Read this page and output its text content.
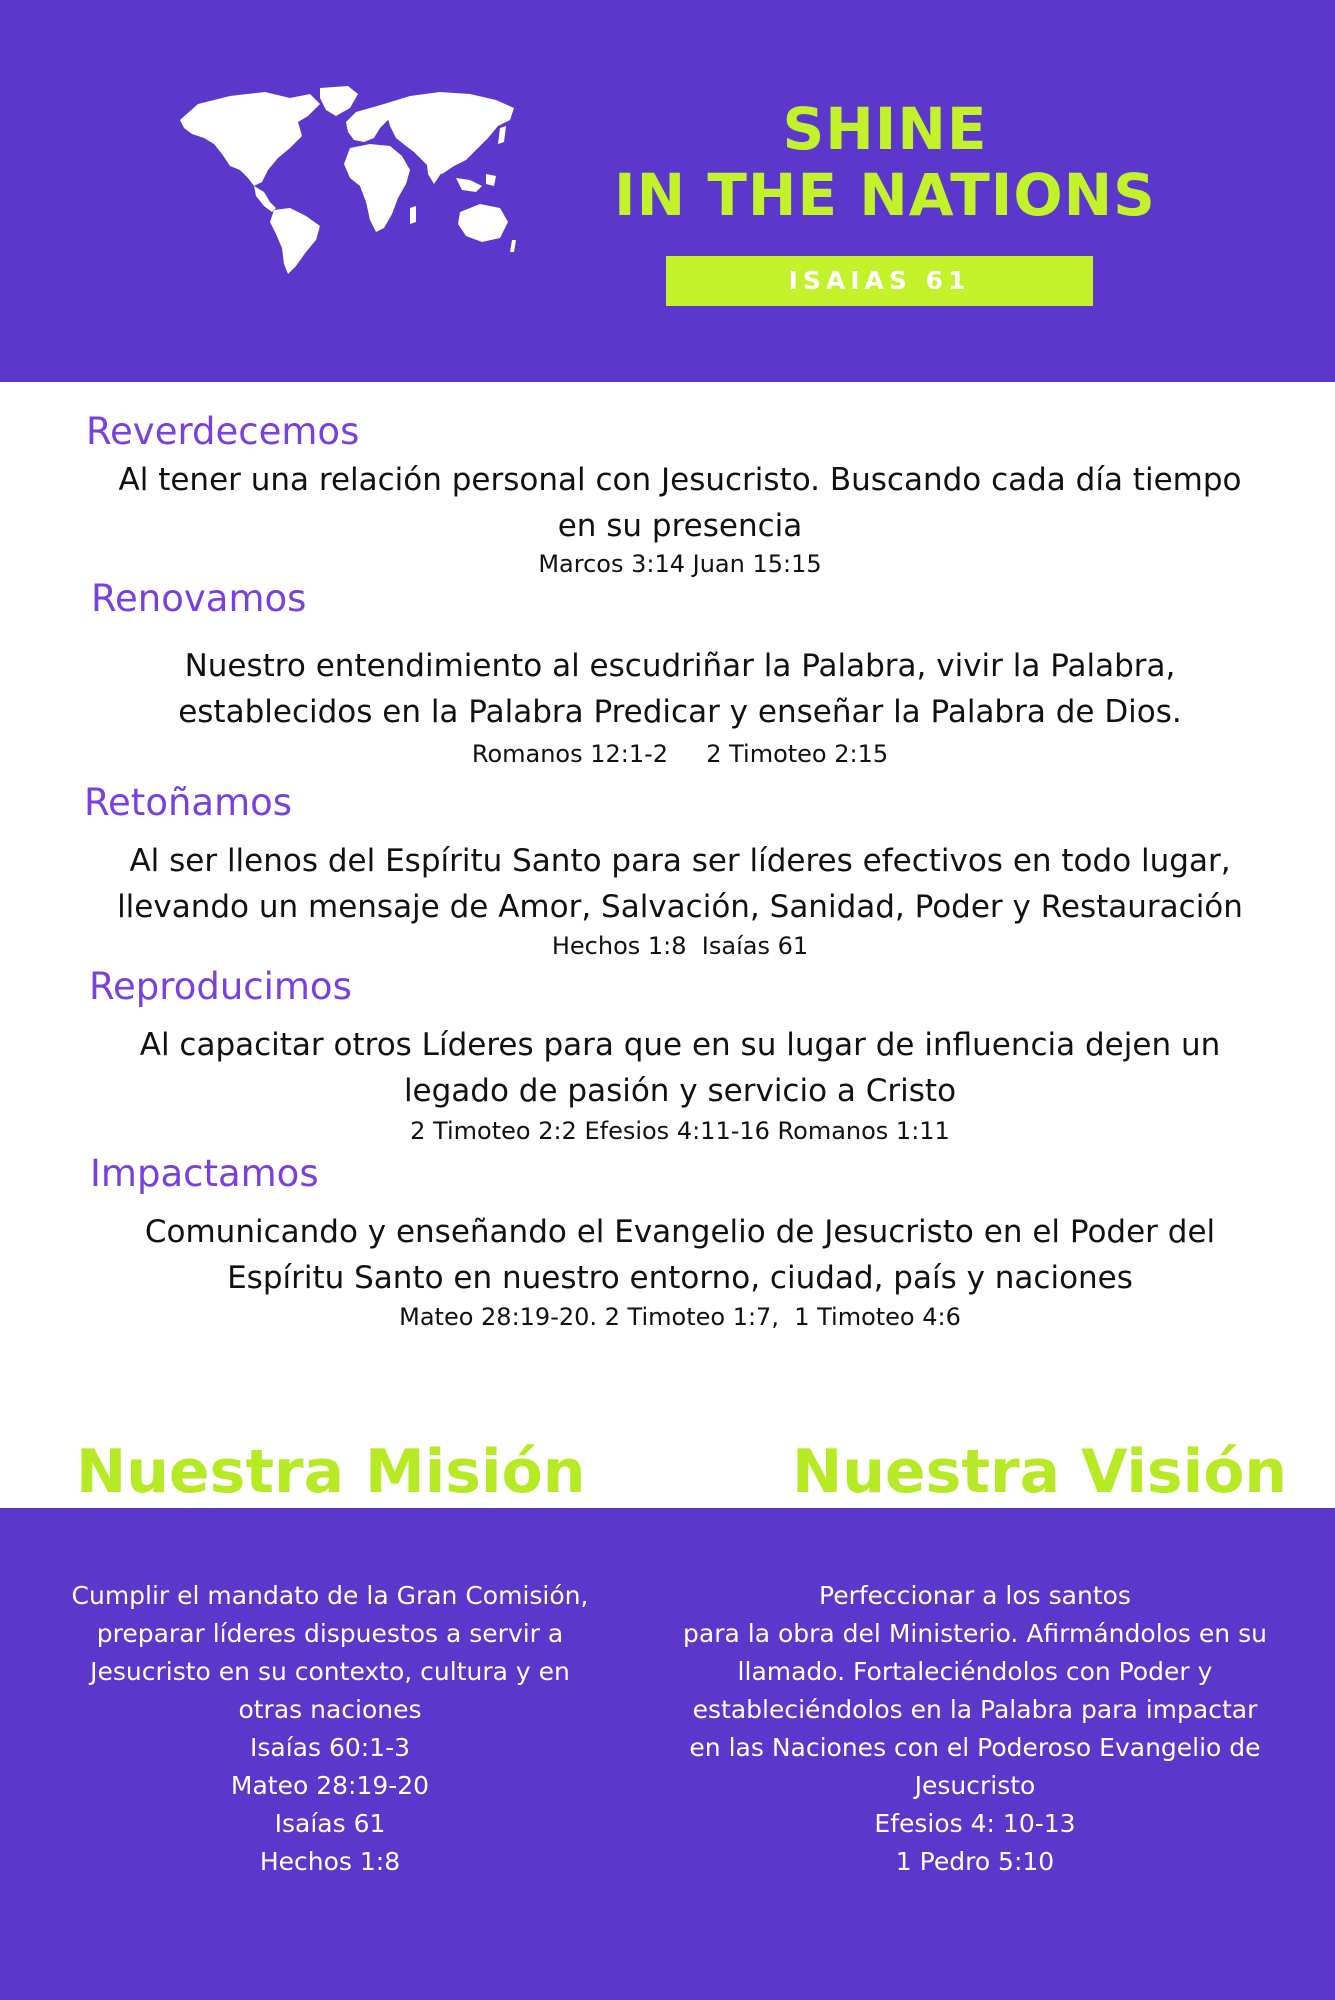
SHINE
IN THE NATIONS
ISAIAS 61
Reverdecemos

Al tener una relación personal con Jesucristo. Buscando cada día tiempo
en su presencia

Marcos 3:14 Juan 15:15

Renovamos

Nuestro entendimiento al escudriñar la Palabra, vivir la Palabra,
establecidos en la Palabra Predicar y enseñar la Palabra de Dios.

Romanos 12:1-2     2 Timoteo 2:15

Retoñamos

Al ser llenos del Espíritu Santo para ser líderes efectivos en todo lugar,
llevando un mensaje de Amor, Salvación, Sanidad, Poder y Restauración

Hechos 1:8  Isaías 61

Reproducimos

Al capacitar otros Líderes para que en su lugar de influencia dejen un
legado de pasión y servicio a Cristo

2 Timoteo 2:2 Efesios 4:11-16 Romanos 1:11

Impactamos

Comunicando y enseñando el Evangelio de Jesucristo en el Poder del
Espíritu Santo en nuestro entorno, ciudad, país y naciones

Mateo 28:19-20. 2 Timoteo 1:7,  1 Timoteo 4:6

Nuestra Misión	Nuestra Visión
Cumplir el mandato de la Gran Comisión,
preparar líderes dispuestos a servir a
Jesucristo en su contexto, cultura y en
otras naciones
Isaías 60:1-3
Mateo 28:19-20
Isaías 61
Hechos 1:8
Perfeccionar a los santos
para la obra del Ministerio. Afirmándolos en su
llamado. Fortaleciéndolos con Poder y
estableciéndolos en la Palabra para impactar
en las Naciones con el Poderoso Evangelio de
Jesucristo
Efesios 4: 10-13
1 Pedro 5:10
